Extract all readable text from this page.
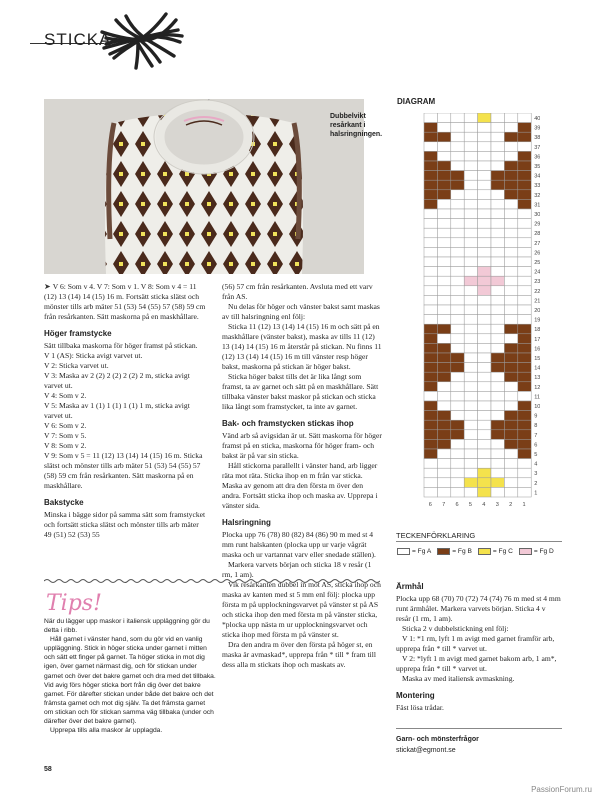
STICKA
Dubbelvikt resårkant i halsringningen.
DIAGRAM
40
39
38
37
36
35
34
33
32
31
30
29
28
27
26
25
24
23
22
21
20
19
18
17
16
15
14
13
12
11
10
9
8
7
6
5
4
3
2
1
6 7 6 5 4 3 2 1
TECKENFÖRKLARING
= Fg A	= Fg B	= Fg C	= Fg D

➤ V 6: Som v 4. V 7: Som v 1. V 8: Som v 4 = 11 (12) 13 (14) 14 (15) 16 m. Fortsätt sticka slätst och mönster tills arb mäter 51 (53) 54 (55) 57 (58) 59 cm från resårkanten. Sätt maskorna på en maskhållare.

Höger framstycke

Sätt tillbaka maskorna för höger framst på stickan.

V 1 (AS): Sticka avigt varvet ut.

V 2: Sticka varvet ut.

V 3: Maska av 2 (2) 2 (2) 2 (2) 2 m, sticka avigt varvet ut.

V 4: Som v 2.

V 5: Maska av 1 (1) 1 (1) 1 (1) 1 m, sticka avigt varvet ut.

V 6: Som v 2.

V 7: Som v 5.

V 8: Som v 2.

V 9: Som v 5 = 11 (12) 13 (14) 14 (15) 16 m. Sticka slätst och mönster tills arb mäter 51 (53) 54 (55) 57 (58) 59 cm från resårkanten. Sätt maskorna på en maskhållare.

Bakstycke

Minska i bägge sidor på samma sätt som framstycket och fortsätt sticka slätst och mönster tills arb mäter 49 (51) 52 (53) 55

(56) 57 cm från resårkanten. Avsluta med ett varv från AS.

Nu delas för höger och vänster bakst samt maskas av till halsringning enl följ:

Sticka 11 (12) 13 (14) 14 (15) 16 m och sätt på en maskhållare (vänster bakst), maska av tills 11 (12) 13 (14) 14 (15) 16 m återstår på stickan. Nu finns 11 (12) 13 (14) 14 (15) 16 m till vänster resp höger bakst, maskorna på stickan är höger bakst.

Sticka höger bakst tills det är lika långt som framst, ta av garnet och sätt på en maskhållare. Sätt tillbaka vänster bakst maskor på stickan och sticka lika långt som framstycket, ta inte av garnet.

Bak- och framstycken stickas ihop

Vänd arb så avigsidan är ut. Sätt maskorna för höger framst på en sticka, maskorna för höger fram- och bakst är på var sin sticka.

Håll stickorna parallellt i vänster hand, arb ligger räta mot räta. Sticka ihop en m från var sticka. Maska av genom att dra den första m över den andra. Fortsätt sticka ihop och maska av. Upprepa i vänster sida.

Halsringning

Plocka upp 76 (78) 80 (82) 84 (86) 90 m med st 4 mm runt halskanten (plocka upp ur varje vågrät maska och ur vartannat varv eller snedade ställen).

Markera varvets början och sticka 18 v resår (1 rm, 1 am).

Vik resårkanten dubbel in mot AS, sticka ihop och maska av kanten med st 5 mm enl följ: plocka upp första m på upplockningsvarvet på vänster st på AS och sticka ihop den med första m på vänster sticka, *plocka upp nästa m ur upplockningsvarvet och sticka ihop med första m på vänster st.

Dra den andra m över den första på höger st, en maska är avmaskad*, upprepa från * till * fram till dess alla m stickats ihop och maskats av.

Ärmhål

Plocka upp 68 (70) 70 (72) 74 (74) 76 m med st 4 mm runt ärmhålet. Markera varvets början. Sticka 4 v resår (1 rm, 1 am).

Sticka 2 v dubbelstickning enl följ:

V 1: *1 rm, lyft 1 m avigt med garnet framför arb, upprepa från * till * varvet ut.

V 2: *lyft 1 m avigt med garnet bakom arb, 1 am*, upprepa från * till * varvet ut.

Maska av med italiensk avmaskning.

Montering

Fäst lösa trådar.

Tips!

När du lägger upp maskor i italiensk uppläggning gör du detta i ribb.

Håll garnet i vänster hand, som du gör vid en vanlig uppläggning. Stick in höger sticka under garnet i mitten och sätt ett finger på garnet. Ta höger sticka in mot dig igen, över garnet närmast dig, och för stickan under garnet och över det bakre garnet och dra med det tillbaka. Vid avig förs höger sticka bort från dig över det bakre garnet. För därefter stickan under både det bakre och det främsta garnet och mot dig själv. Ta det främsta garnet om stickan och för stickan samma väg tillbaka (under och därefter över det bakre garnet).

Upprepa tills alla maskor är upplagda.

Garn- och mönsterfrågor
stickat@egmont.se
58
PassionForum.ru
